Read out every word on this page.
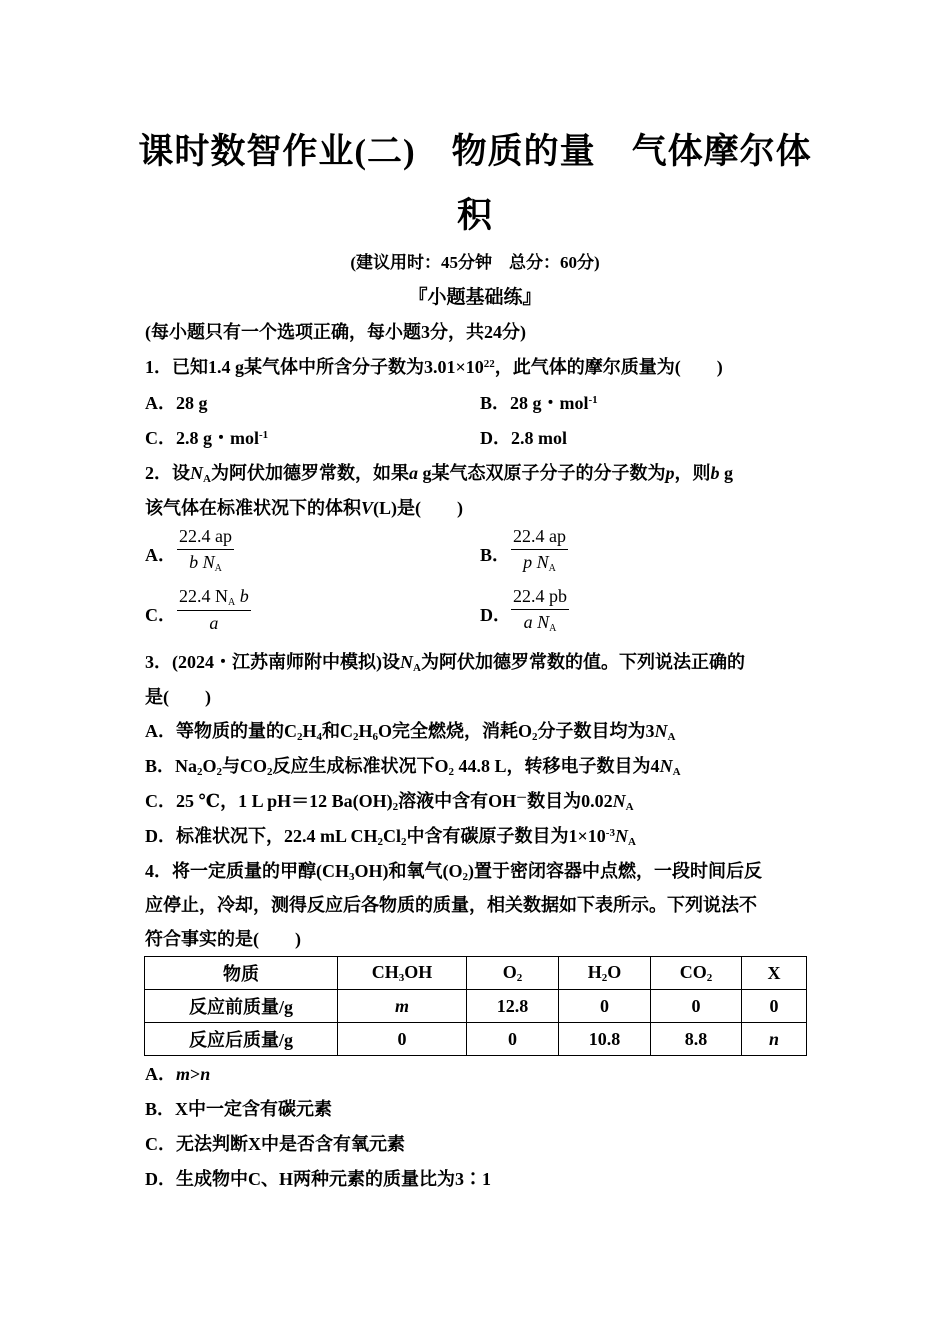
课时数智作业(二)　物质的量　气体摩尔体
积
(建议用时：45分钟　总分：60分)
『小题基础练』
(每小题只有一个选项正确，每小题3分，共24分)
1．已知1.4 g某气体中所含分子数为$3.01\times 10^{22}$，此气体的摩尔质量为(　　)
A．28 g	B．28 g・mol$^{-1}$
C．2.8 g・mol$^{-1}$	D．2.8 mol
2．设$N_A$为阿伏加德罗常数，如果a g某气态双原子分子的分子数为p，则b g
该气体在标准状况下的体积V(L)是(　　)
A． $\frac{22.4 ap}{b N_A}$	B． $\frac{22.4 ap}{p N_A}$
C． $\frac{22.4 N_A b}{a}$	D． $\frac{22.4 pb}{a N_A}$
3．(2024・江苏南师附中模拟)设$N_A$为阿伏加德罗常数的值。下列说法正确的
是(　　)
A．等物质的量的$C_2H_4$和$C_2H_6O$完全燃烧，消耗$O_2$分子数目均为$3N_A$
B．$Na_2O_2$与$CO_2$反应生成标准状况下$O_2$ 44.8 L，转移电子数目为$4N_A$
C．25 ℃，1 L pH＝12 $Ba(OH)_2$溶液中含有OH－数目为$0.02N_A$
D．标准状况下，22.4 mL $CH_2Cl_2$中含有碳原子数目为$1\times 10^{-3}N_A$
4．将一定质量的甲醇$(CH_3OH)$和氧气$(O_2)$置于密闭容器中点燃，一段时间后反
应停止，冷却，测得反应后各物质的质量，相关数据如下表所示。下列说法不
符合事实的是(　　)
物质	$CH_3OH$	$O_2$	$H_2O$	$CO_2$	X
反应前质量/g	m	12.8	0	0	0
反应后质量/g	0	0	10.8	8.8	n
A．m>n
B．X中一定含有碳元素
C．无法判断X中是否含有氧元素
D．生成物中C、H两种元素的质量比为3∶1
